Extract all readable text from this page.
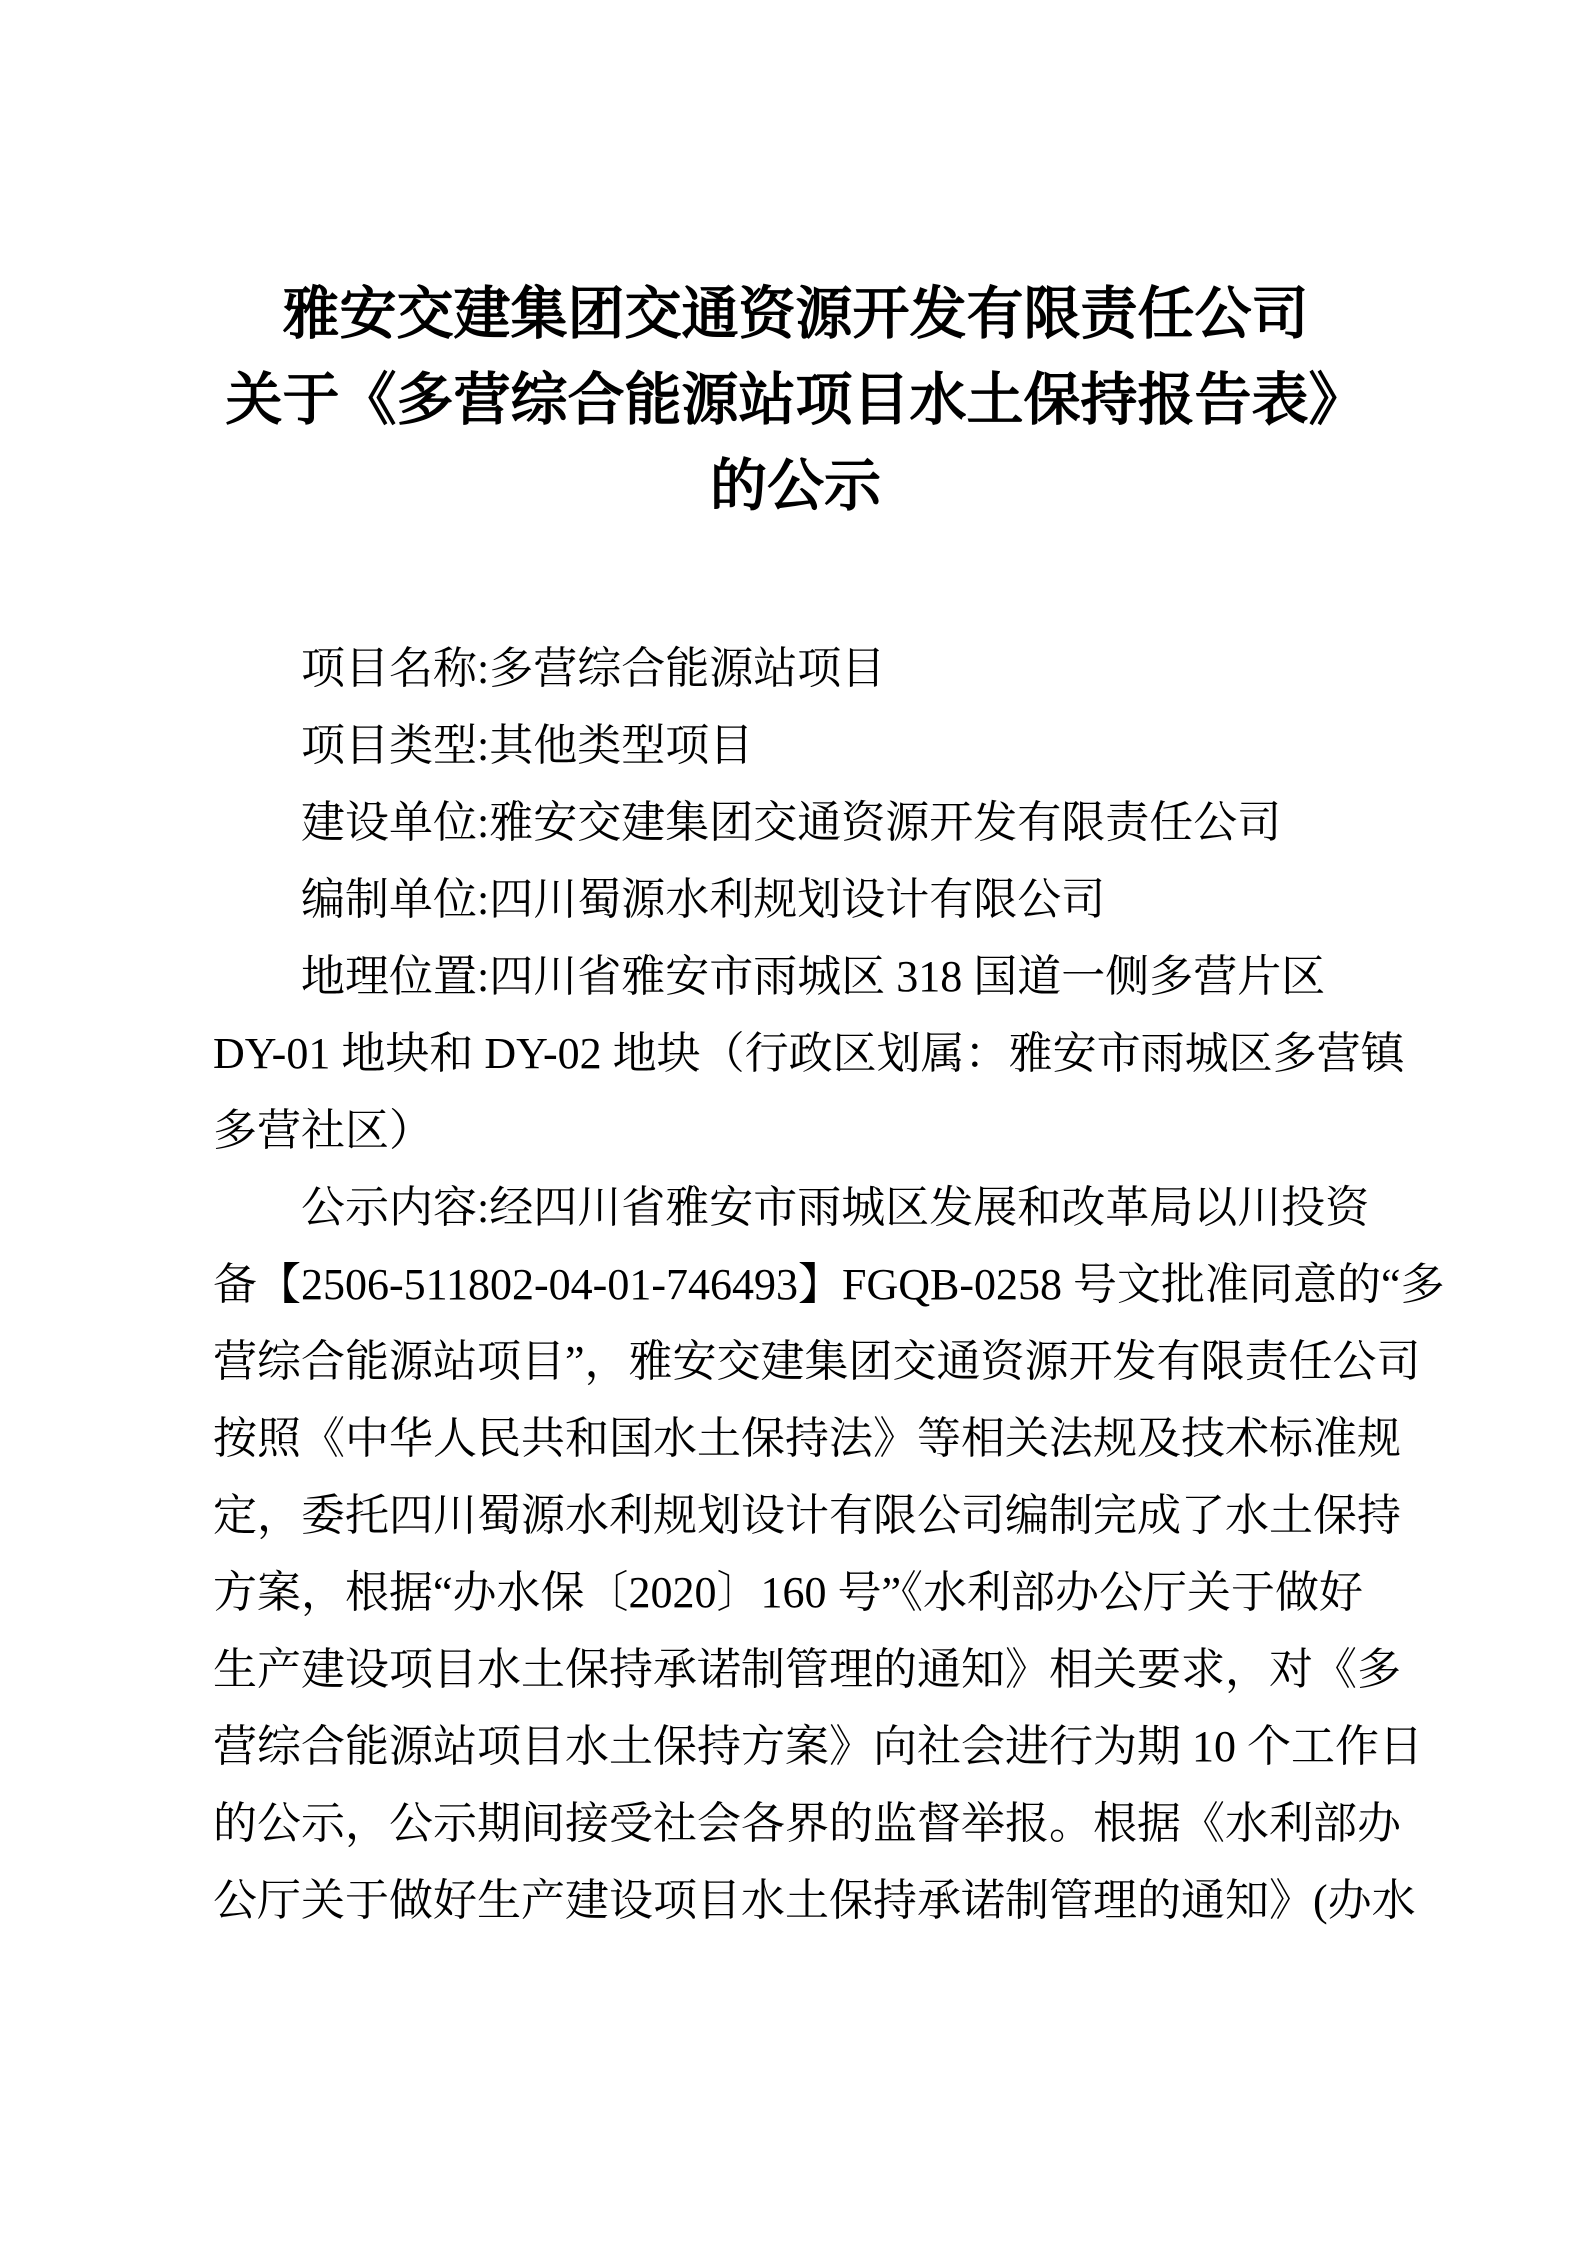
雅安交建集团交通资源开发有限责任公司
关于《多营综合能源站项目水土保持报告表》
的公示
项目名称:多营综合能源站项目
项目类型:其他类型项目
建设单位:雅安交建集团交通资源开发有限责任公司
编制单位:四川蜀源水利规划设计有限公司
地理位置:四川省雅安市雨城区 318 国道一侧多营片区
DY-01 地块和 DY-02 地块（行政区划属：雅安市雨城区多营镇
多营社区）
公示内容:经四川省雅安市雨城区发展和改革局以川投资
备【2506-511802-04-01-746493】FGQB-0258 号文批准同意的“多
营综合能源站项目”，雅安交建集团交通资源开发有限责任公司
按照《中华人民共和国水土保持法》等相关法规及技术标准规
定，委托四川蜀源水利规划设计有限公司编制完成了水土保持
方案，根据“办水保〔2020〕160 号”《水利部办公厅关于做好
生产建设项目水土保持承诺制管理的通知》相关要求，对《多
营综合能源站项目水土保持方案》向社会进行为期 10 个工作日
的公示，公示期间接受社会各界的监督举报。根据《水利部办
公厅关于做好生产建设项目水土保持承诺制管理的通知》(办水
